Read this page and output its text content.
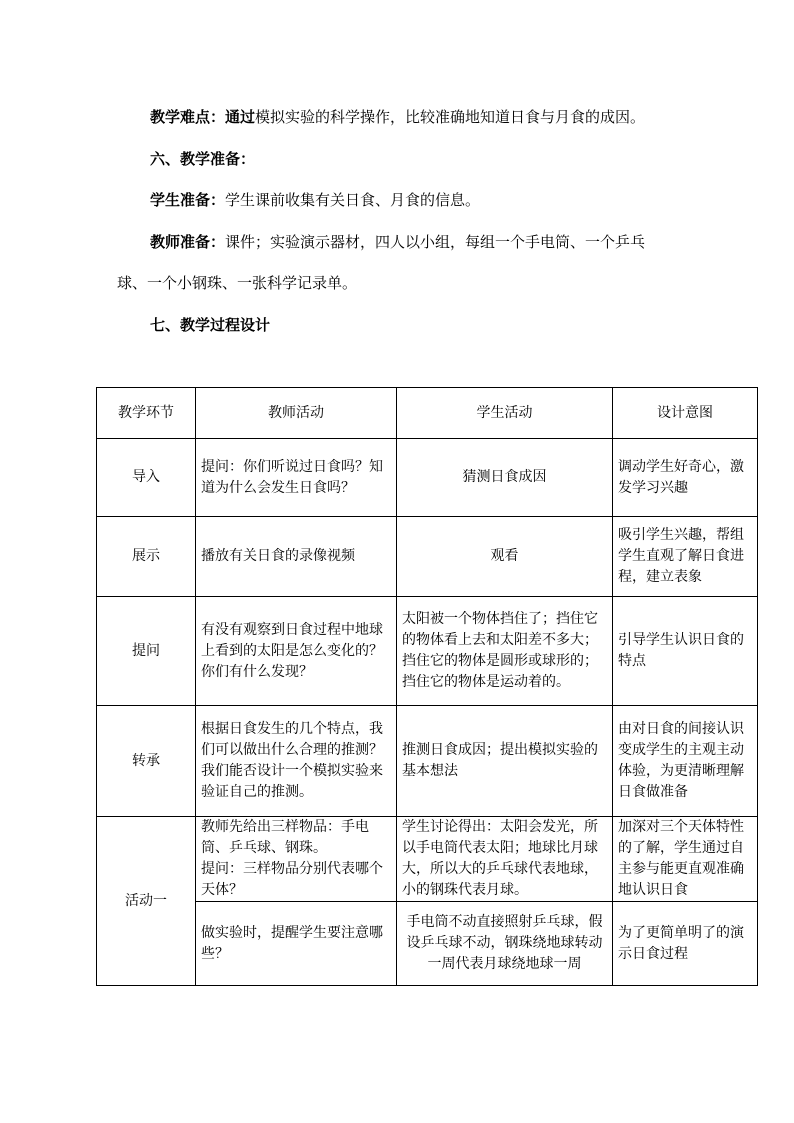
教学难点：通过模拟实验的科学操作，比较准确地知道日食与月食的成因。
六、教学准备：
学生准备：学生课前收集有关日食、月食的信息。
教师准备：课件；实验演示器材，四人以小组，每组一个手电筒、一个乒乓
球、一个小钢珠、一张科学记录单。
七、教学过程设计
教学环节	教师活动	学生活动	设计意图
导入	提问：你们听说过日食吗？知道为什么会发生日食吗？	猜测日食成因	调动学生好奇心，激发学习兴趣
展示	播放有关日食的录像视频	观看	吸引学生兴趣，帮组学生直观了解日食进程，建立表象
提问	有没有观察到日食过程中地球上看到的太阳是怎么变化的？你们有什么发现？	太阳被一个物体挡住了；挡住它的物体看上去和太阳差不多大；挡住它的物体是圆形或球形的；挡住它的物体是运动着的。	引导学生认识日食的特点
转承	根据日食发生的几个特点，我们可以做出什么合理的推测？我们能否设计一个模拟实验来验证自己的推测。	推测日食成因；提出模拟实验的基本想法	由对日食的间接认识变成学生的主观主动体验，为更清晰理解日食做准备
活动一	教师先给出三样物品：手电筒、乒乓球、钢珠。
提问：三样物品分别代表哪个天体？	学生讨论得出：太阳会发光，所以手电筒代表太阳；地球比月球大，所以大的乒乓球代表地球，小的钢珠代表月球。	加深对三个天体特性的了解，学生通过自主参与能更直观准确地认识日食
	做实验时，提醒学生要注意哪些？	手电筒不动直接照射乒乓球，假设乒乓球不动，钢珠绕地球转动一周代表月球绕地球一周	为了更简单明了的演示日食过程
